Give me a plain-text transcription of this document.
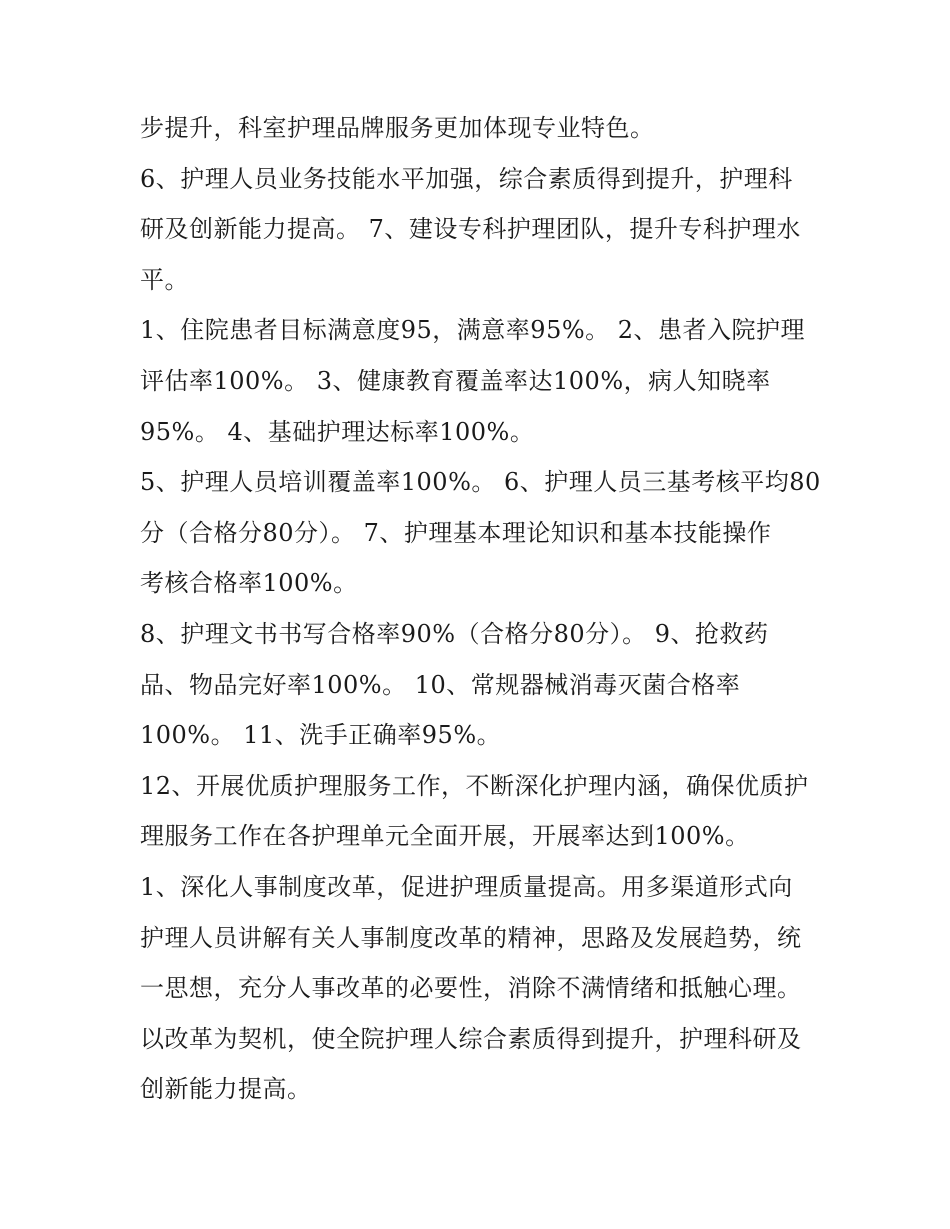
步提升，科室护理品牌服务更加体现专业特色。
6、护理人员业务技能水平加强，综合素质得到提升，护理科
研及创新能力提高。 7、建设专科护理团队，提升专科护理水
平。
1、住院患者目标满意度95，满意率95%。 2、患者入院护理
评估率100%。 3、健康教育覆盖率达100%，病人知晓率
95%。 4、基础护理达标率100%。
5、护理人员培训覆盖率100%。 6、护理人员三基考核平均80
分（合格分80分）。 7、护理基本理论知识和基本技能操作
考核合格率100%。
8、护理文书书写合格率90%（合格分80分）。 9、抢救药
品、物品完好率100%。 10、常规器械消毒灭菌合格率
100%。 11、洗手正确率95%。
12、开展优质护理服务工作，不断深化护理内涵，确保优质护
理服务工作在各护理单元全面开展，开展率达到100%。
1、深化人事制度改革，促进护理质量提高。用多渠道形式向
护理人员讲解有关人事制度改革的精神，思路及发展趋势，统
一思想，充分人事改革的必要性，消除不满情绪和抵触心理。
以改革为契机，使全院护理人综合素质得到提升，护理科研及
创新能力提高。
